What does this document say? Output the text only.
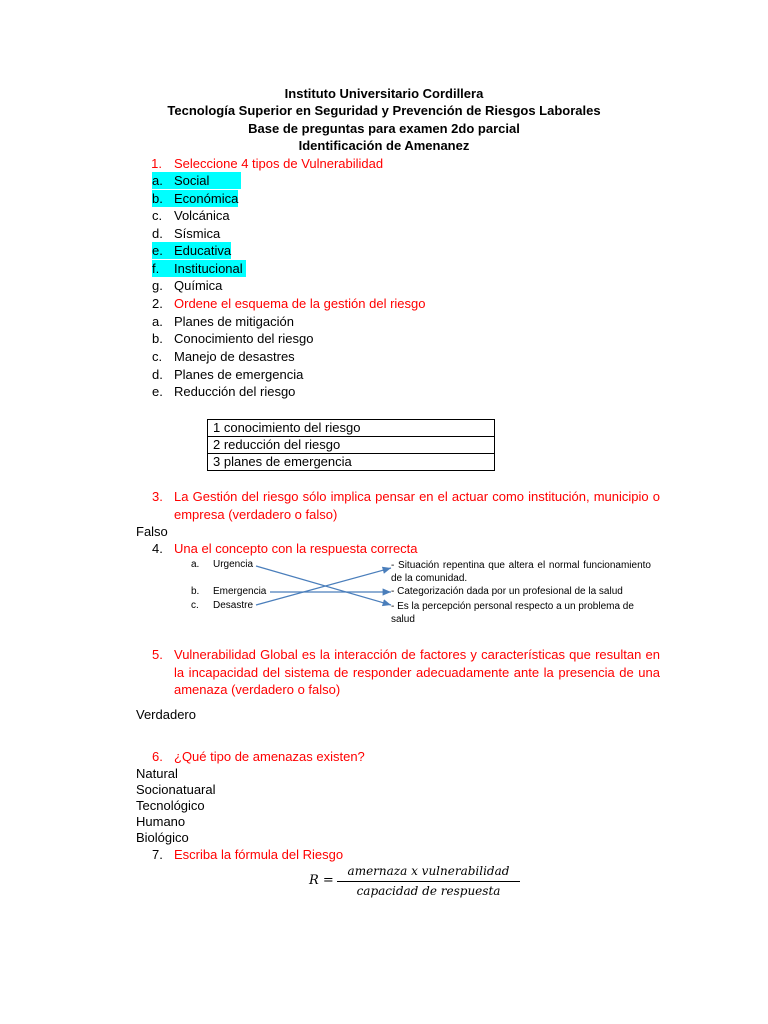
Instituto Universitario Cordillera
Tecnología Superior en Seguridad y Prevención de Riesgos Laborales
Base de preguntas para examen 2do parcial
Identificación de Amenanez
1. Seleccione 4 tipos de Vulnerabilidad
a. Social
b. Económica
c. Volcánica
d. Sísmica
e. Educativa
f. Institucional
g. Química
2. Ordene el esquema de la gestión del riesgo
a. Planes de mitigación
b. Conocimiento del riesgo
c. Manejo de desastres
d. Planes de emergencia
e. Reducción del riesgo
1 conocimiento del riesgo
2 reducción del riesgo
3 planes de emergencia
3. La Gestión del riesgo sólo implica pensar en el actuar como institución, municipio o empresa (verdadero o falso)
Falso
4. Una el concepto con la respuesta correcta
a. Urgencia
b. Emergencia
c. Desastre
- Situación repentina que altera el normal funcionamiento de la comunidad.
- Categorización dada por un profesional de la salud
- Es la percepción personal respecto a un problema de salud
5. Vulnerabilidad Global es la interacción de factores y características que resultan en la incapacidad del sistema de responder adecuadamente ante la presencia de una amenaza (verdadero o falso)
Verdadero
6. ¿Qué tipo de amenazas existen?
Natural
Socionatuaral
Tecnológico
Humano
Biológico
7. Escriba la fórmula del Riesgo
R =
amernaza x vulnerabilidad
capacidad de respuesta
